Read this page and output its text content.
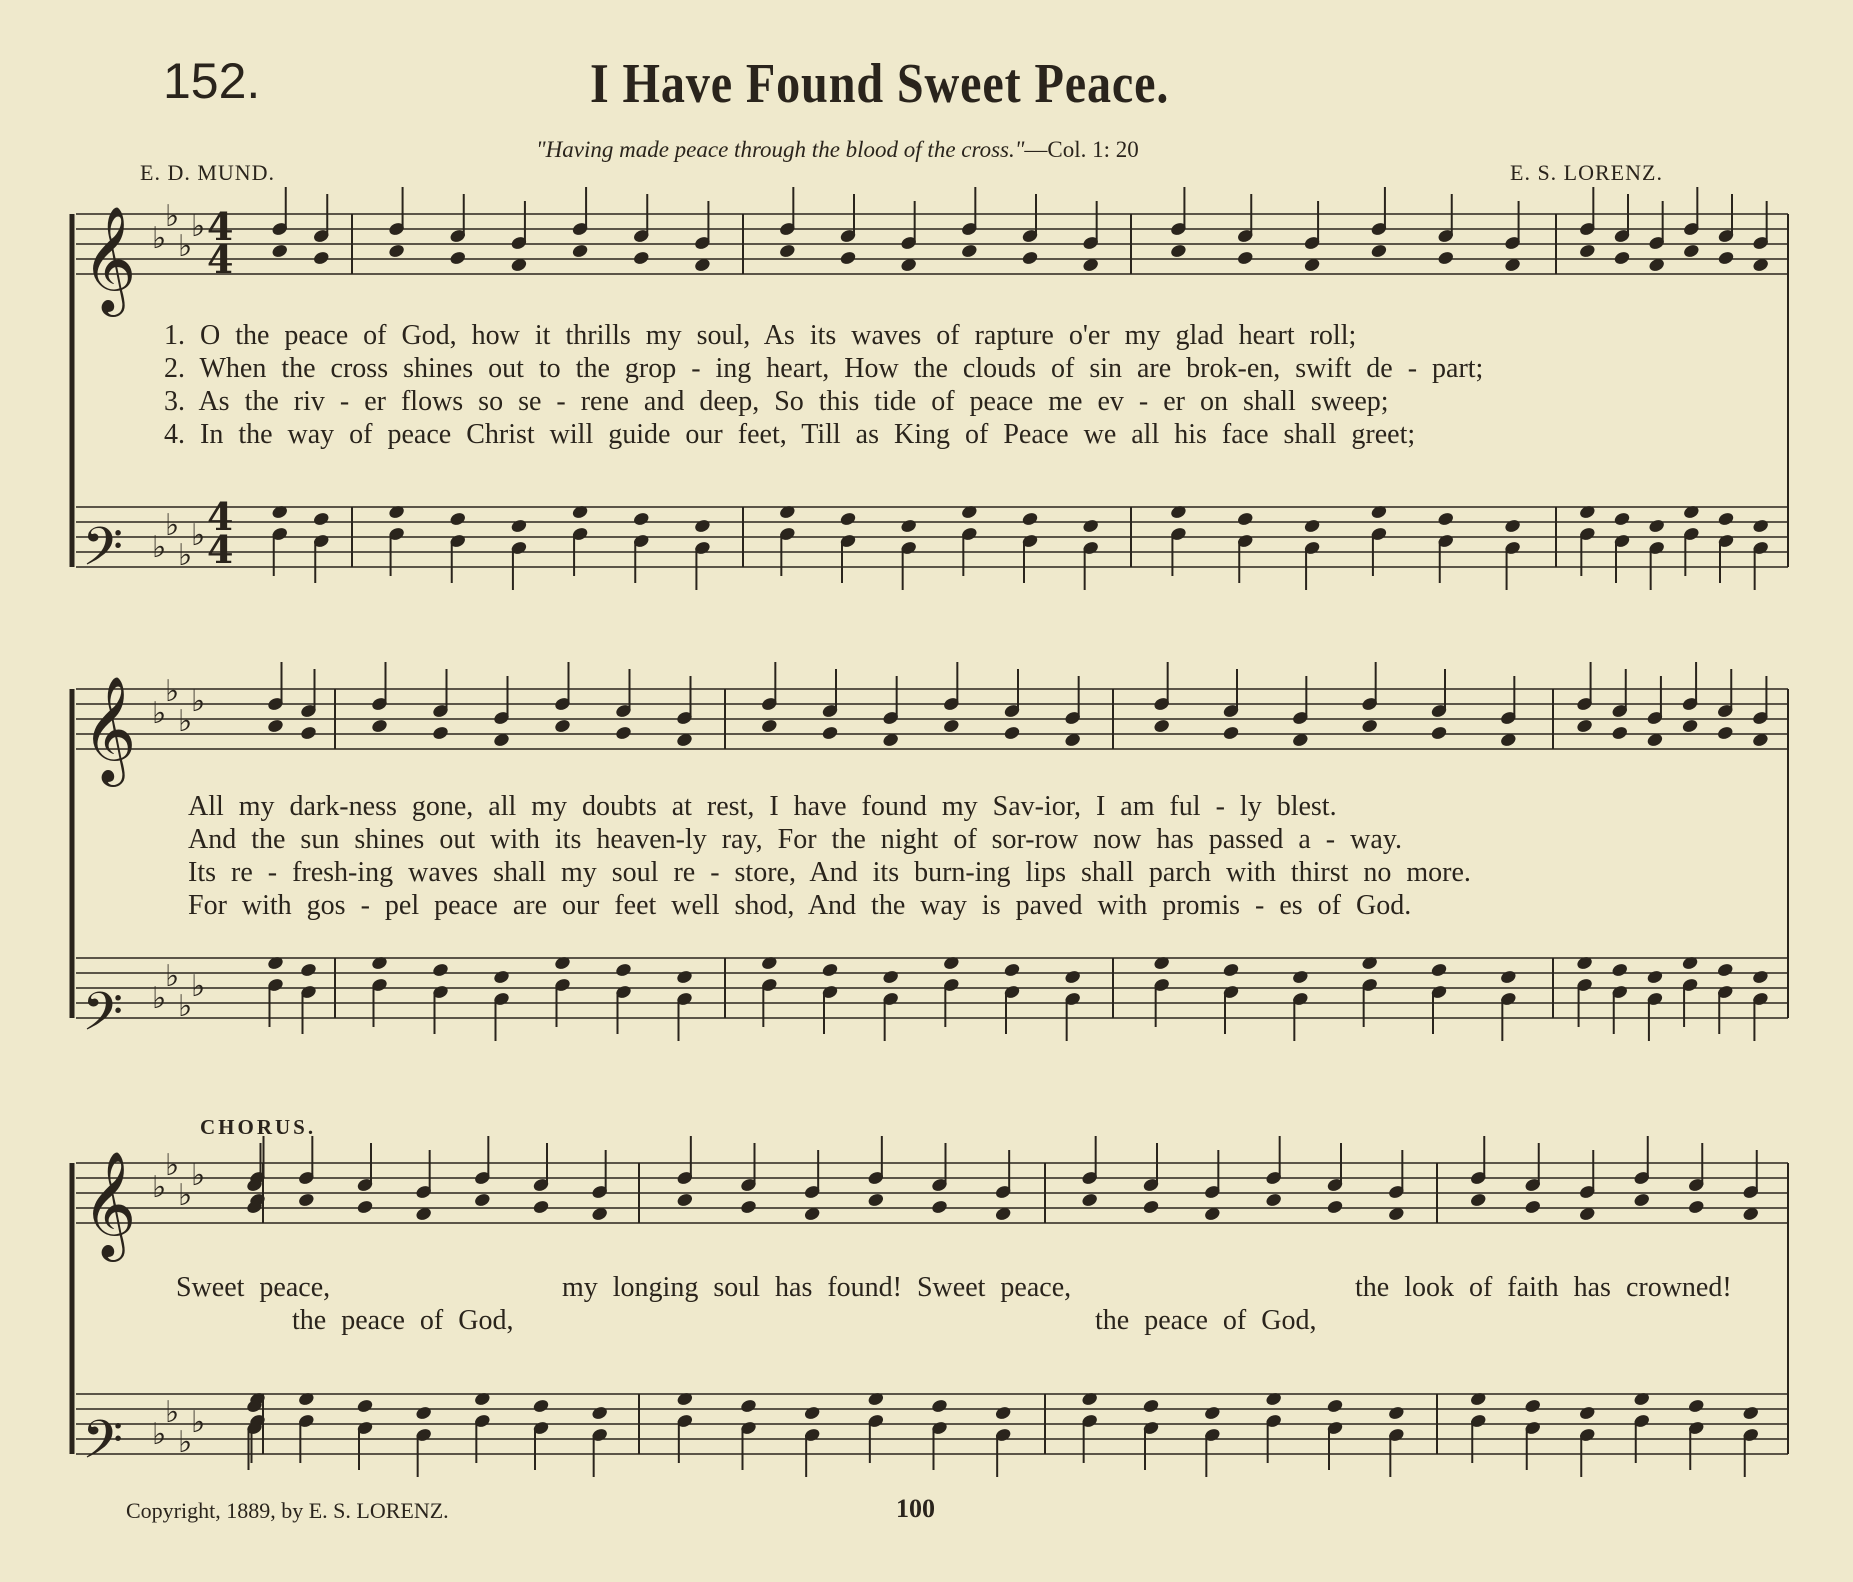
152.	I Have Found Sweet Peace.
"Having made peace through the blood of the cross."—Col. 1: 20
E. D. MUND.	E. S. LORENZ.
𝄞
𝄢
𝄞
𝄢
𝄞
𝄢
♭
♭
♭
♭
♭
♭
♭
♭
♭
♭
♭
♭
♭
♭
♭
♭
♭
♭
♭
♭
♭
♭
♭
♭
4
4
4
4
1. O the peace of God, how it thrills my soul, As its waves of rapture o'er my glad heart roll;
2. When the cross shines out to the grop - ing heart, How the clouds of sin are brok-en, swift de - part;
3. As the riv - er flows so se - rene and deep, So this tide of peace me ev - er on shall sweep;
4. In the way of peace Christ will guide our feet, Till as King of Peace we all his face shall greet;
All my dark-ness gone, all my doubts at rest, I have found my Sav-ior, I am ful - ly blest.
And the sun shines out with its heaven-ly ray, For the night of sor-row now has passed a - way.
Its re - fresh-ing waves shall my soul re - store, And its burn-ing lips shall parch with thirst no more.
For with gos - pel peace are our feet well shod, And the way is paved with promis - es of God.
CHORUS.
Sweet peace,	my longing soul has found! Sweet peace,	the look of faith has crowned!
the peace of God,	the peace of God,
Copyright, 1889, by E. S. LORENZ.	100
